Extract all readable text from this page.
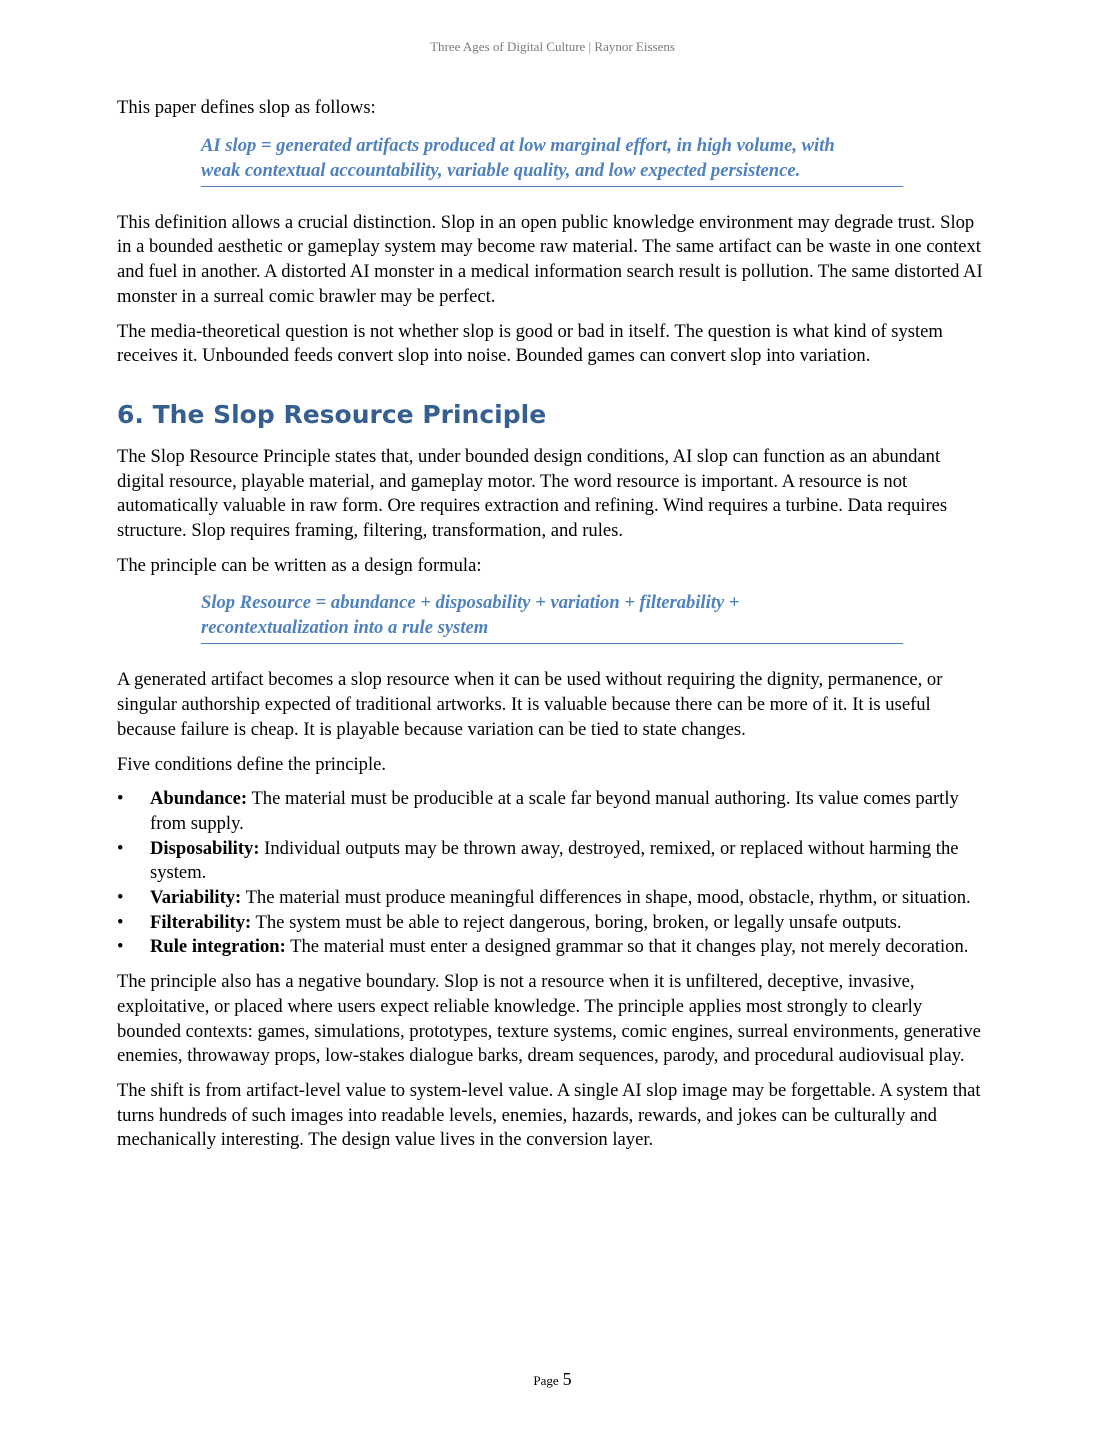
Three Ages of Digital Culture | Raynor Eissens

This paper defines slop as follows:

AI slop = generated artifacts produced at low marginal effort, in high volume, with
weak contextual accountability, variable quality, and low expected persistence.

This definition allows a crucial distinction. Slop in an open public knowledge environment may degrade trust. Slop in a bounded aesthetic or gameplay system may become raw material. The same artifact can be waste in one context and fuel in another. A distorted AI monster in a medical information search result is pollution. The same distorted AI monster in a surreal comic brawler may be perfect.

The media-theoretical question is not whether slop is good or bad in itself. The question is what kind of system receives it. Unbounded feeds convert slop into noise. Bounded games can convert slop into variation.

6. The Slop Resource Principle

The Slop Resource Principle states that, under bounded design conditions, AI slop can function as an abundant digital resource, playable material, and gameplay motor. The word resource is important. A resource is not automatically valuable in raw form. Ore requires extraction and refining. Wind requires a turbine. Data requires structure. Slop requires framing, filtering, transformation, and rules.

The principle can be written as a design formula:

Slop Resource = abundance + disposability + variation + filterability +
recontextualization into a rule system

A generated artifact becomes a slop resource when it can be used without requiring the dignity, permanence, or singular authorship expected of traditional artworks. It is valuable because there can be more of it. It is useful because failure is cheap. It is playable because variation can be tied to state changes.

Five conditions define the principle.

•	Abundance: The material must be producible at a scale far beyond manual authoring. Its value comes partly from supply.
•	Disposability: Individual outputs may be thrown away, destroyed, remixed, or replaced without harming the system.
•	Variability: The material must produce meaningful differences in shape, mood, obstacle, rhythm, or situation.
•	Filterability: The system must be able to reject dangerous, boring, broken, or legally unsafe outputs.
•	Rule integration: The material must enter a designed grammar so that it changes play, not merely decoration.

The principle also has a negative boundary. Slop is not a resource when it is unfiltered, deceptive, invasive, exploitative, or placed where users expect reliable knowledge. The principle applies most strongly to clearly bounded contexts: games, simulations, prototypes, texture systems, comic engines, surreal environments, generative enemies, throwaway props, low-stakes dialogue barks, dream sequences, parody, and procedural audiovisual play.

The shift is from artifact-level value to system-level value. A single AI slop image may be forgettable. A system that turns hundreds of such images into readable levels, enemies, hazards, rewards, and jokes can be culturally and mechanically interesting. The design value lives in the conversion layer.

Page 5
